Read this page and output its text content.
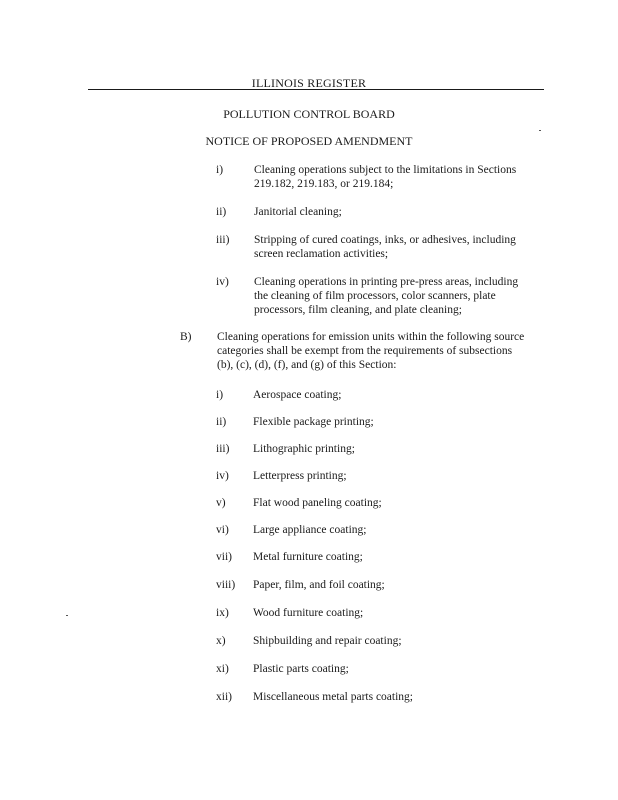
ILLINOIS REGISTER
POLLUTION CONTROL BOARD
NOTICE OF PROPOSED AMENDMENT
i)	Cleaning operations subject to the limitations in Sections
219.182, 219.183, or 219.184;
ii) Janitorial cleaning;
iii) Stripping of cured coatings, inks, or adhesives, including
screen reclamation activities;
iv) Cleaning operations in printing pre-press areas, including
the cleaning of film processors, color scanners, plate
processors, film cleaning, and plate cleaning;
B) Cleaning operations for emission units within the following source
categories shall be exempt from the requirements of subsections
(b), (c), (d), (f), and (g) of this Section:
i)	Aerospace coating;
ii) Flexible package printing;
iii) Lithographic printing;
iv) Letterpress printing;
v) Flat wood paneling coating;
vi) Large appliance coating;
vii) Metal furniture coating;
viii) Paper, film, and foil coating;
ix) Wood furniture coating;
x) Shipbuilding and repair coating;
xi) Plastic parts coating;
xii) Miscellaneous metal parts coating;
